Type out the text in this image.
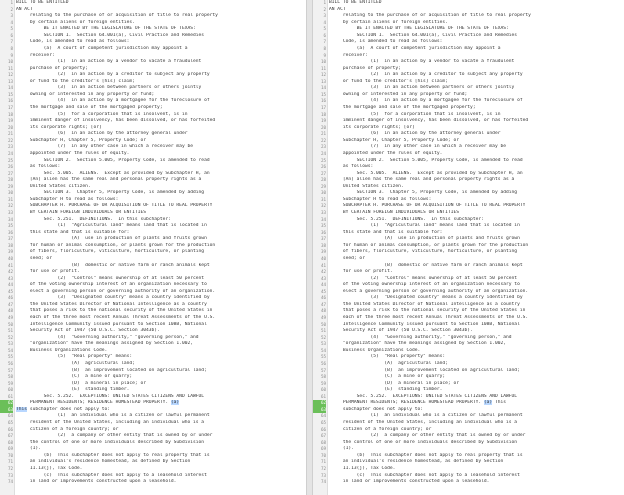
1 BILL TO BE ENTITLED
2 AN ACT
3 relating to the purchase of or acquisition of title to real property
4 by certain aliens or foreign entities.
5 BE IT ENACTED BY THE LEGISLATURE OF THE STATE OF TEXAS:
6 SECTION 1.  Section 64.001(a), Civil Practice and Remedies
7 Code, is amended to read as follows:
8 (a)  A court of competent jurisdiction may appoint a
9 receiver:
10 (1)  in an action by a vendor to vacate a fraudulent
11 purchase of property;
12 (2)  in an action by a creditor to subject any property
13 or fund to the creditor's [his] claim;
14 (3)  in an action between partners or others jointly
15 owning or interested in any property or fund;
16 (4)  in an action by a mortgagee for the foreclosure of
17 the mortgage and sale of the mortgaged property;
18 (5)  for a corporation that is insolvent, is in
19 imminent danger of insolvency, has been dissolved, or has forfeited
20 its corporate rights; [or]
21 (6)  in an action by the attorney general under
22 Subchapter H, Chapter 5, Property Code; or
23 (7)  in any other case in which a receiver may be
24 appointed under the rules of equity.
25 SECTION 2.  Section 5.005, Property Code, is amended to read
26 as follows:
27 Sec. 5.005.  ALIENS.  Except as provided by Subchapter H, an
28 [An] alien has the same real and personal property rights as a
29 United States citizen.
30 SECTION 3.  Chapter 5, Property Code, is amended by adding
31 Subchapter H to read as follows:
32 SUBCHAPTER H. PURCHASE OF OR ACQUISITION OF TITLE TO REAL PROPERTY
33 BY CERTAIN FOREIGN INDIVIDUALS OR ENTITIES
34 Sec. 5.251.  DEFINITIONS.  In this subchapter:
35 (1)  "Agricultural land" means land that is located in
36 this state and that is suitable for:
37 (A)  use in production of plants and fruits grown
38 for human or animal consumption, or plants grown for the production
39 of fibers, floriculture, viticulture, horticulture, or planting
40 seed; or
41 (B)  domestic or native farm or ranch animals kept
42 for use or profit.
43 (2)  "Control" means ownership of at least 50 percent
44 of the voting ownership interest of an organization necessary to
45 elect a governing person or governing authority of an organization.
46 (3)  "Designated country" means a country identified by
47 the United States Director of National Intelligence as a country
48 that poses a risk to the national security of the United States in
49 each of the three most recent Annual Threat Assessments of the U.S.
50 Intelligence Community issued pursuant to Section 108B, National
51 Security Act of 1947 (50 U.S.C. Section 3043b).
52 (4)  "Governing authority," "governing person," and
53 "organization" have the meanings assigned by Section 1.002,
54 Business Organizations Code.
55 (5)  "Real property" means:
56 (A)  agricultural land;
57 (B)  an improvement located on agricultural land;
58 (C)  a mine or quarry;
59 (D)  a mineral in place; or
60 (E)  standing timber.
61 Sec. 5.252.  EXCEPTIONS: UNITED STATES CITIZENS AND LAWFUL
62 PERMANENT RESIDENTS; RESIDENCE HOMESTEAD PROPERTY. (a)
63 This subchapter does not apply to:
64 (1)  an individual who is a citizen or lawful permanent
65 resident of the United States, including an individual who is a
66 citizen of a foreign country; or
67 (2)  a company or other entity that is owned by or under
68 the control of one or more individuals described by Subdivision
69 (1).
70 (b)  This subchapter does not apply to real property that is
71 an individual's residence homestead, as defined by Section
72 11.13(j), Tax Code.
73 (c)  This subchapter does not apply to a leasehold interest
74 in land or improvements constructed upon a leasehold.
1 BILL TO BE ENTITLED
2 AN ACT
3 relating to the purchase of or acquisition of title to real property
4 by certain aliens or foreign entities.
5 BE IT ENACTED BY THE LEGISLATURE OF THE STATE OF TEXAS:
6 SECTION 1.  Section 64.001(a), Civil Practice and Remedies
7 Code, is amended to read as follows:
8 (a)  A court of competent jurisdiction may appoint a
9 receiver:
10 (1)  in an action by a vendor to vacate a fraudulent
11 purchase of property;
12 (2)  in an action by a creditor to subject any property
13 or fund to the creditor's [his] claim;
14 (3)  in an action between partners or others jointly
15 owning or interested in any property or fund;
16 (4)  in an action by a mortgagee for the foreclosure of
17 the mortgage and sale of the mortgaged property;
18 (5)  for a corporation that is insolvent, is in
19 imminent danger of insolvency, has been dissolved, or has forfeited
20 its corporate rights; [or]
21 (6)  in an action by the attorney general under
22 Subchapter H, Chapter 5, Property Code; or
23 (7)  in any other case in which a receiver may be
24 appointed under the rules of equity.
25 SECTION 2.  Section 5.005, Property Code, is amended to read
26 as follows:
27 Sec. 5.005.  ALIENS.  Except as provided by Subchapter H, an
28 [An] alien has the same real and personal property rights as a
29 United States citizen.
30 SECTION 3.  Chapter 5, Property Code, is amended by adding
31 Subchapter H to read as follows:
32 SUBCHAPTER H. PURCHASE OF OR ACQUISITION OF TITLE TO REAL PROPERTY
33 BY CERTAIN FOREIGN INDIVIDUALS OR ENTITIES
34 Sec. 5.251.  DEFINITIONS.  In this subchapter:
35 (1)  "Agricultural land" means land that is located in
36 this state and that is suitable for:
37 (A)  use in production of plants and fruits grown
38 for human or animal consumption, or plants grown for the production
39 of fibers, floriculture, viticulture, horticulture, or planting
40 seed; or
41 (B)  domestic or native farm or ranch animals kept
42 for use or profit.
43 (2)  "Control" means ownership of at least 50 percent
44 of the voting ownership interest of an organization necessary to
45 elect a governing person or governing authority of an organization.
46 (3)  "Designated country" means a country identified by
47 the United States Director of National Intelligence as a country
48 that poses a risk to the national security of the United States in
49 each of the three most recent Annual Threat Assessments of the U.S.
50 Intelligence Community issued pursuant to Section 108B, National
51 Security Act of 1947 (50 U.S.C. Section 3043b).
52 (4)  "Governing authority," "governing person," and
53 "organization" have the meanings assigned by Section 1.002,
54 Business Organizations Code.
55 (5)  "Real property" means:
56 (A)  agricultural land;
57 (B)  an improvement located on agricultural land;
58 (C)  a mine or quarry;
59 (D)  a mineral in place; or
60 (E)  standing timber.
61 Sec. 5.252.  EXCEPTIONS: UNITED STATES CITIZENS AND LAWFUL
62 PERMANENT RESIDENTS; RESIDENCE HOMESTEAD PROPERTY. (a) This
63 subchapter does not apply to:
64 (1)  an individual who is a citizen or lawful permanent
65 resident of the United States, including an individual who is a
66 citizen of a foreign country; or
67 (2)  a company or other entity that is owned by or under
68 the control of one or more individuals described by Subdivision
69 (1).
70 (b)  This subchapter does not apply to real property that is
71 an individual's residence homestead, as defined by Section
72 11.13(j), Tax Code.
73 (c)  This subchapter does not apply to a leasehold interest
74 in land or improvements constructed upon a leasehold.
